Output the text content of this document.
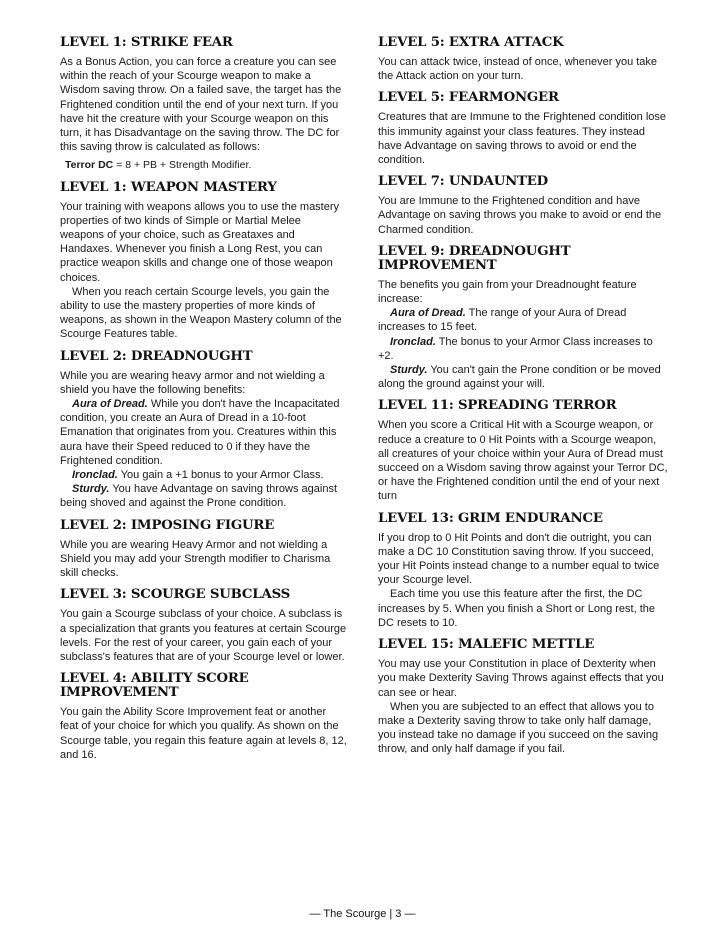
LEVEL 1: STRIKE FEAR

As a Bonus Action, you can force a creature you can see within the reach of your Scourge weapon to make a Wisdom saving throw. On a failed save, the target has the Frightened condition until the end of your next turn. If you have hit the creature with your Scourge weapon on this turn, it has Disadvantage on the saving throw. The DC for this saving throw is calculated as follows:

Terror DC = 8 + PB + Strength Modifier.

LEVEL 1: WEAPON MASTERY

Your training with weapons allows you to use the mastery properties of two kinds of Simple or Martial Melee weapons of your choice, such as Greataxes and Handaxes. Whenever you finish a Long Rest, you can practice weapon skills and change one of those weapon choices.

When you reach certain Scourge levels, you gain the ability to use the mastery properties of more kinds of weapons, as shown in the Weapon Mastery column of the Scourge Features table.

LEVEL 2: DREADNOUGHT

While you are wearing heavy armor and not wielding a shield you have the following benefits:

Aura of Dread. While you don't have the Incapacitated condition, you create an Aura of Dread in a 10-foot Emanation that originates from you. Creatures within this aura have their Speed reduced to 0 if they have the Frightened condition.

Ironclad. You gain a +1 bonus to your Armor Class.

Sturdy. You have Advantage on saving throws against being shoved and against the Prone condition.

LEVEL 2: IMPOSING FIGURE

While you are wearing Heavy Armor and not wielding a Shield you may add your Strength modifier to Charisma skill checks.

LEVEL 3: SCOURGE SUBCLASS

You gain a Scourge subclass of your choice. A subclass is a specialization that grants you features at certain Scourge levels. For the rest of your career, you gain each of your subclass's features that are of your Scourge level or lower.

LEVEL 4: ABILITY SCORE IMPROVEMENT

You gain the Ability Score Improvement feat or another feat of your choice for which you qualify. As shown on the Scourge table, you regain this feature again at levels 8, 12, and 16.

LEVEL 5: EXTRA ATTACK

You can attack twice, instead of once, whenever you take the Attack action on your turn.

LEVEL 5: FEARMONGER

Creatures that are Immune to the Frightened condition lose this immunity against your class features. They instead have Advantage on saving throws to avoid or end the condition.

LEVEL 7: UNDAUNTED

You are Immune to the Frightened condition and have Advantage on saving throws you make to avoid or end the Charmed condition.

LEVEL 9: DREADNOUGHT IMPROVEMENT

The benefits you gain from your Dreadnought feature increase:

Aura of Dread. The range of your Aura of Dread increases to 15 feet.

Ironclad. The bonus to your Armor Class increases to +2.

Sturdy. You can't gain the Prone condition or be moved along the ground against your will.

LEVEL 11: SPREADING TERROR

When you score a Critical Hit with a Scourge weapon, or reduce a creature to 0 Hit Points with a Scourge weapon, all creatures of your choice within your Aura of Dread must succeed on a Wisdom saving throw against your Terror DC, or have the Frightened condition until the end of your next turn

LEVEL 13: GRIM ENDURANCE

If you drop to 0 Hit Points and don't die outright, you can make a DC 10 Constitution saving throw. If you succeed, your Hit Points instead change to a number equal to twice your Scourge level.

Each time you use this feature after the first, the DC increases by 5. When you finish a Short or Long rest, the DC resets to 10.

LEVEL 15: MALEFIC METTLE

You may use your Constitution in place of Dexterity when you make Dexterity Saving Throws against effects that you can see or hear.

When you are subjected to an effect that allows you to make a Dexterity saving throw to take only half damage, you instead take no damage if you succeed on the saving throw, and only half damage if you fail.

— The Scourge | 3 —
